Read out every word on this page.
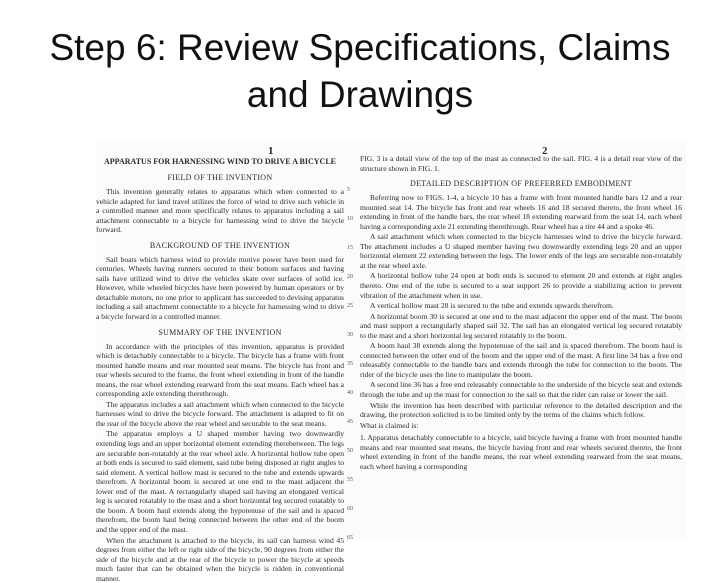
Step 6: Review Specifications, Claims and Drawings
1	2
APPARATUS FOR HARNESSING WIND TO DRIVE A BICYCLE
FIELD OF THE INVENTION

This invention generally relates to apparatus which when connected to a vehicle adapted for land travel utilizes the force of wind to drive such vehicle in a controlled manner and more specifically relates to apparatus including a sail attachment connectable to a bicycle for harnessing wind to drive the bicycle forward.

BACKGROUND OF THE INVENTION

Sail boats which harness wind to provide motive power have been used for centuries. Wheels having runners secured to their bottom surfaces and having sails have utilized wind to drive the vehicles skate over surfaces of solid ice. However, while wheeled bicycles have been powered by human operators or by detachable motors, no one prior to applicant has succeeded to devising apparatus including a sail attachment connectable to a bicycle for harnessing wind to drive a bicycle forward in a controlled manner.

SUMMARY OF THE INVENTION

In accordance with the principles of this invention, apparatus is provided which is detachably connectable to a bicycle. The bicycle has a frame with front mounted handle means and rear mounted seat means. The bicycle has front and rear wheels secured to the frame, the front wheel extending in front of the handle means, the rear wheel extending rearward from the seat means. Each wheel has a corresponding axle extending therethrough.

The apparatus includes a sail attachment which when connected to the bicycle harnesses wind to drive the bicycle forward. The attachment is adapted to fit on the rear of the bicycle above the rear wheel and securable to the seat means.

The apparatus employs a U shaped member having two downwardly extending legs and an upper horizontal element extending therebetween. The legs are securable non-rotatably at the rear wheel axle. A horizontal hollow tube open at both ends is secured to said element, said tube being disposed at right angles to said element. A vertical hollow mast is secured to the tube and extends upwards therefrom. A horizontal boom is secured at one end to the mast adjacent the lower end of the mast. A rectangularly shaped sail having an elongated vertical leg is secured rotatably to the mast and a short horizontal leg secured rotatably to the boom. A boom haul extends along the hypotenuse of the sail and is spaced therefrom, the boom haul being connected between the other end of the boom and the upper end of the mast.

When the attachment is attached to the bicycle, its sail can harness wind 45 degrees from either the left or right side of the bicycle, 90 degrees from either the side of the bicycle and at the rear of the bicycle to power the bicycle at speeds much faster that can be obtained when the bicycle is ridden in conventional manner.

5
10
15
20
25
30
35
40
45
50
55
60
65

FIG. 3 is a detail view of the top of the mast as connected to the sail. FIG. 4 is a detail rear view of the structure shown in FIG. 1.

DETAILED DESCRIPTION OF PREFERRED EMBODIMENT

Referring now to FIGS. 1-4, a bicycle 10 has a frame with front mounted handle bars 12 and a rear mounted seat 14. The bicycle has front and rear wheels 16 and 18 secured thereto, the front wheel 16 extending in front of the handle bars, the rear wheel 18 extending rearward from the seat 14, each wheel having a corresponding axle 21 extending therethrough. Rear wheel has a tire 44 and a spoke 46.

A sail attachment which when connected to the bicycle harnesses wind to drive the bicycle forward. The attachment includes a U shaped member having two downwardly extending legs 20 and an upper horizontal element 22 extending between the legs. The lower ends of the legs are securable non-rotatably at the rear wheel axle.

A horizontal hollow tube 24 open at both ends is secured to element 20 and extends at right angles thereto. One end of the tube is secured to a seat support 26 to provide a stabilizing action to prevent vibration of the attachment when in use.

A vertical hollow mast 28 is secured to the tube and extends upwards therefrom.

A horizontal boom 30 is secured at one end to the mast adjacent the upper end of the mast. The boom and mast support a rectangularly shaped sail 32. The sail has an elongated vertical leg secured rotatably to the mast and a short horizontal leg secured rotatably to the boom.

A boom haul 38 extends along the hypotenuse of the sail and is spaced therefrom. The boom haul is connected between the other end of the boom and the upper end of the mast. A first line 34 has a free end releasably connectable to the handle bars and extends through the tube for connection to the boom. The rider of the bicycle uses the line to manipulate the boom.

A second line 36 has a free end releasably connectable to the underside of the bicycle seat and extends through the tube and up the mast for connection to the sail so that the rider can raise or lower the sail.

While the invention has been described with particular reference to the detailed description and the drawing, the protection solicited is to be limited only by the terms of the claims which follow.

What is claimed is:

1. Apparatus detachably connectable to a bicycle, said bicycle having a frame with front mounted handle means and rear mounted seat means, the bicycle having front and rear wheels secured thereto, the front wheel extending in front of the handle means, the rear wheel extending rearward from the seat means, each wheel having a corresponding
